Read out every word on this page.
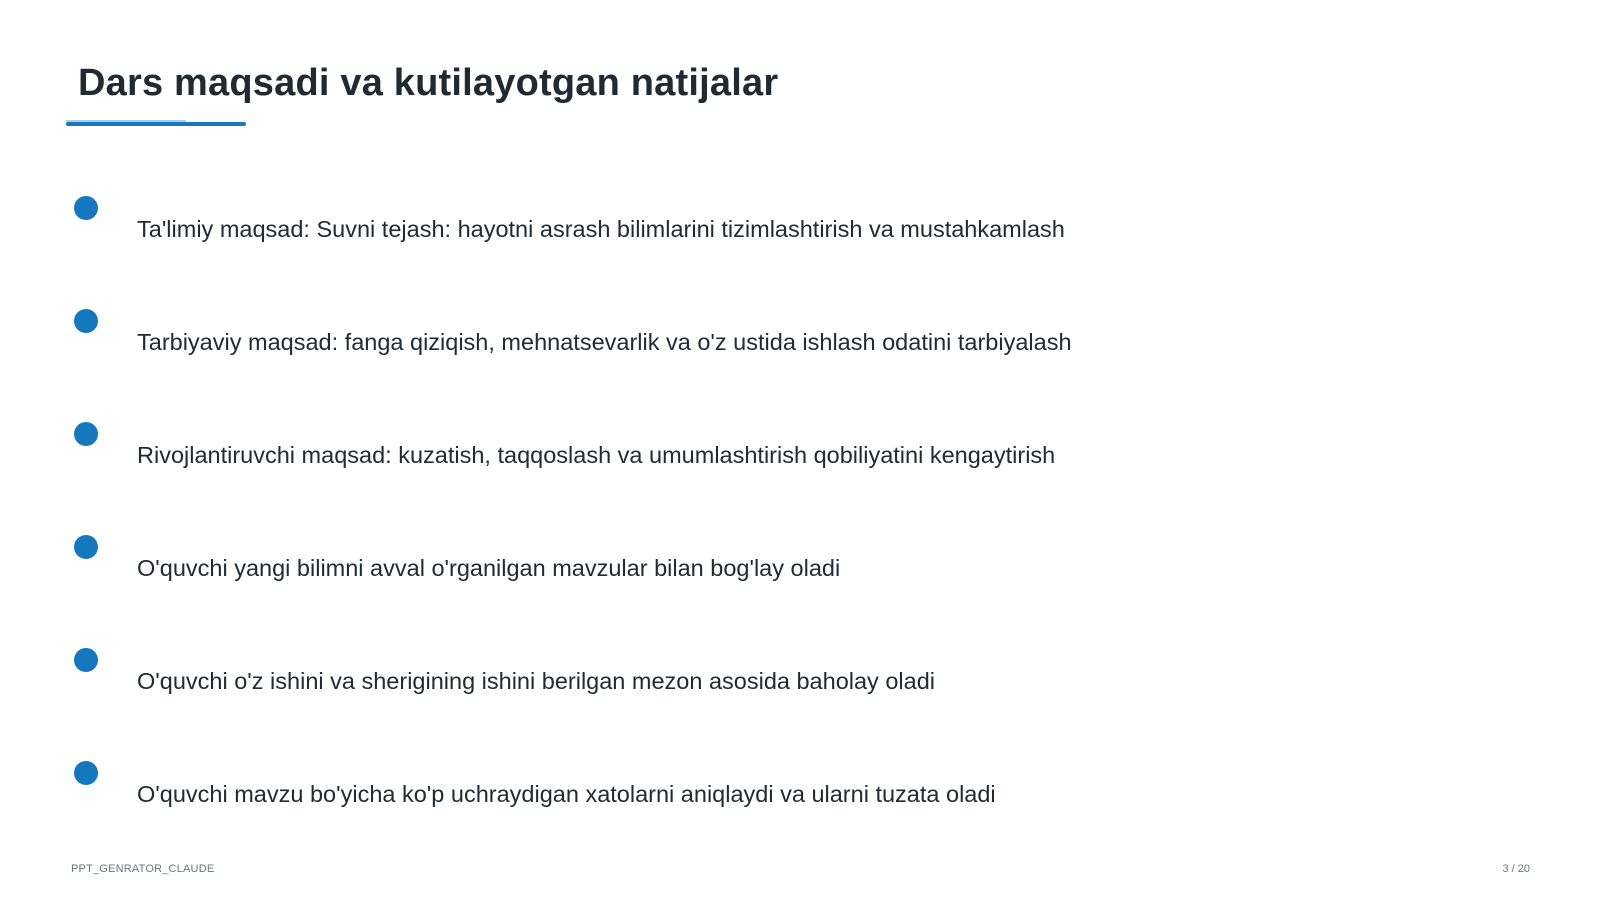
Dars maqsadi va kutilayotgan natijalar
Ta'limiy maqsad: Suvni tejash: hayotni asrash bilimlarini tizimlashtirish va mustahkamlash
Tarbiyaviy maqsad: fanga qiziqish, mehnatsevarlik va o'z ustida ishlash odatini tarbiyalash
Rivojlantiruvchi maqsad: kuzatish, taqqoslash va umumlashtirish qobiliyatini kengaytirish
O'quvchi yangi bilimni avval o'rganilgan mavzular bilan bog'lay oladi
O'quvchi o'z ishini va sherigining ishini berilgan mezon asosida baholay oladi
O'quvchi mavzu bo'yicha ko'p uchraydigan xatolarni aniqlaydi va ularni tuzata oladi
PPT_GENRATOR_CLAUDE	3 / 20
